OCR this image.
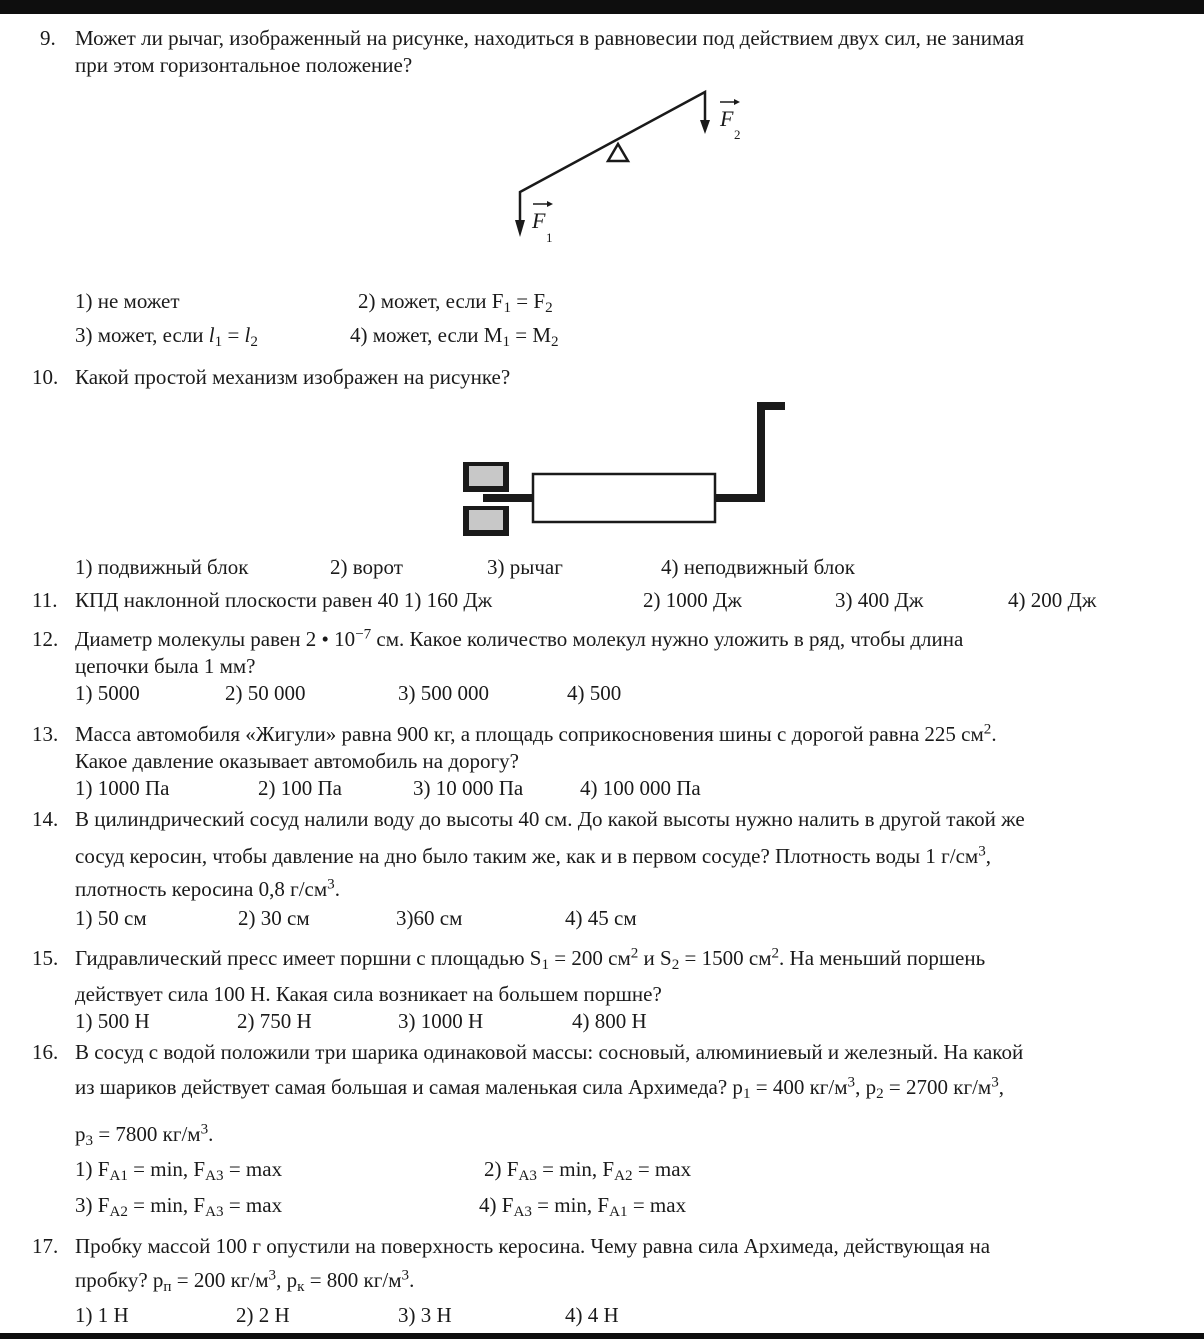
9. Может ли рычаг, изображенный на рисунке, находиться в равновесии под действием двух сил, не занимая
при этом горизонтальное положение?
F
1
F
2
1) не может	2) может, если $F_1 = F_2$
3) может, если $l_1 = l_2$	4) может, если $M_1 = M_2$
10. Какой простой механизм изображен на рисунке?
1) подвижный блок	2) ворот	3) рычаг	4) неподвижный блок
11. КПД наклонной плоскости равен 40 1) 160 Дж	2) 1000 Дж	3) 400 Дж	4) 200 Дж
12. Диаметр молекулы равен 2 • $10^{-7}$ см. Какое количество молекул нужно уложить в ряд, чтобы длина
цепочки была 1 мм?
1) 5000	2) 50 000	3) 500 000	4) 500
13. Масса автомобиля «Жигули» равна 900 кг, а площадь соприкосновения шины с дорогой равна 225 $см^2$.
Какое давление оказывает автомобиль на дорогу?
1) 1000 Па	2) 100 Па	3) 10 000 Па	4) 100 000 Па
14. В цилиндрический сосуд налили воду до высоты 40 см. До какой высоты нужно налить в другой такой же
сосуд керосин, чтобы давление на дно было таким же, как и в первом сосуде? Плотность воды 1 $г/см^3$,
плотность керосина 0,8 $г/см^3$.
1) 50 см	2) 30 см	3)60 см	4) 45 см
15. Гидравлический пресс имеет поршни с площадью $S_1 = 200$ $см^2$ и $S_2 = 1500$ $см^2$. На меньший поршень
действует сила 100 Н. Какая сила возникает на большем поршне?
1) 500 Н	2) 750 Н	3) 1000 Н	4) 800 Н
16. В сосуд с водой положили три шарика одинаковой массы: сосновый, алюминиевый и железный. На какой
из шариков действует самая большая и самая маленькая сила Архимеда? $p_1 = 400$ $кг/м^3$, $p_2 = 2700$ $кг/м^3$,
$p_3 = 7800$ $кг/м^3$.
1) $F_{A1} = \min$, $F_{A3} = \max$	2) $F_{A3} = \min$, $F_{A2} = \max$
3) $F_{A2} = \min$, $F_{A3} = \max$	4) $F_{A3} = \min$, $F_{A1} = \max$
17. Пробку массой 100 г опустили на поверхность керосина. Чему равна сила Архимеда, действующая на
пробку? $p_п = 200$ $кг/м^3$, $p_к = 800$ $кг/м^3$.
1) 1 Н	2) 2 Н	3) 3 Н	4) 4 Н
